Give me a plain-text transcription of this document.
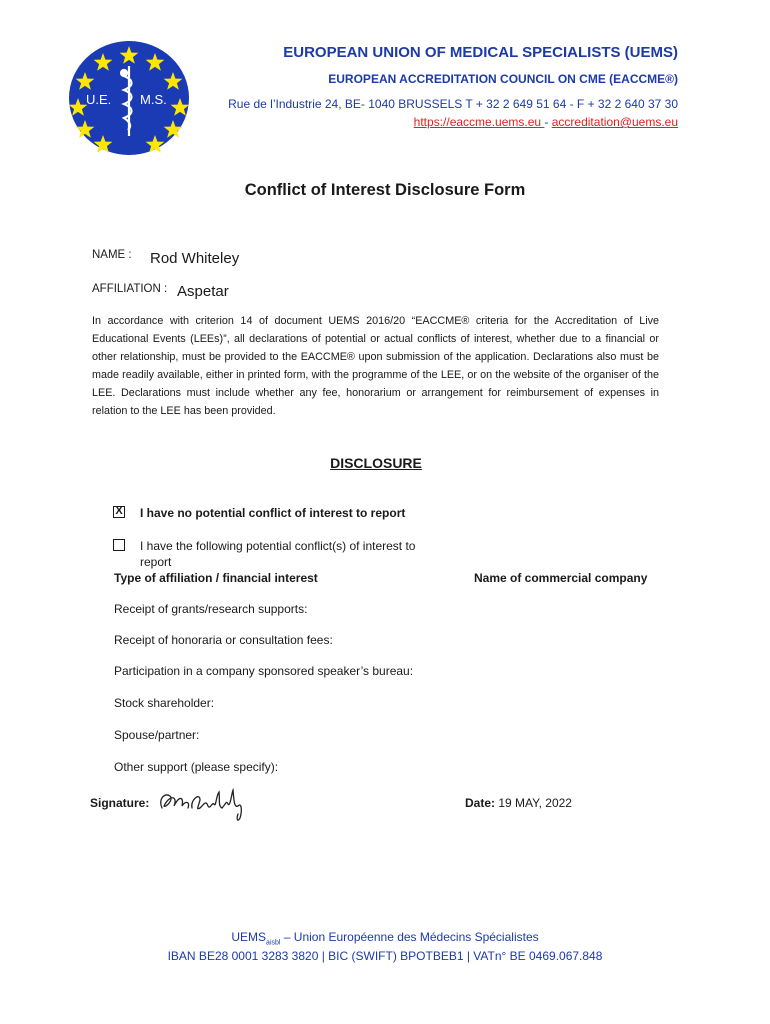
U.E. M.S.
EUROPEAN UNION OF MEDICAL SPECIALISTS (UEMS)
EUROPEAN ACCREDITATION COUNCIL ON CME (EACCME®)
Rue de l’Industrie 24, BE- 1040 BRUSSELS T + 32 2 649 51 64 - F + 32 2 640 37 30
https://eaccme.uems.eu - accreditation@uems.eu
Conflict of Interest Disclosure Form
NAME : Rod Whiteley
AFFILIATION : Aspetar
In accordance with criterion 14 of document UEMS 2016/20 “EACCME® criteria for the Accreditation of Live Educational Events (LEEs)”, all declarations of potential or actual conflicts of interest, whether due to a financial or other relationship, must be provided to the EACCME® upon submission of the application. Declarations also must be made readily available, either in printed form, with the programme of the LEE, or on the website of the organiser of the LEE. Declarations must include whether any fee, honorarium or arrangement for reimbursement of expenses in relation to the LEE has been provided.
DISCLOSURE
X I have no potential conflict of interest to report
I have the following potential conflict(s) of interest to
report
Type of affiliation / financial interest	Name of commercial company
Receipt of grants/research supports:
Receipt of honoraria or consultation fees:
Participation in a company sponsored speaker’s bureau:
Stock shareholder:
Spouse/partner:
Other support (please specify):
Signature:	Date: 19 MAY, 2022
$UEMS_{aisbl}$ – Union Européenne des Médecins Spécialistes
IBAN BE28 0001 3283 3820 | BIC (SWIFT) BPOTBEB1 | VATn° BE 0469.067.848
